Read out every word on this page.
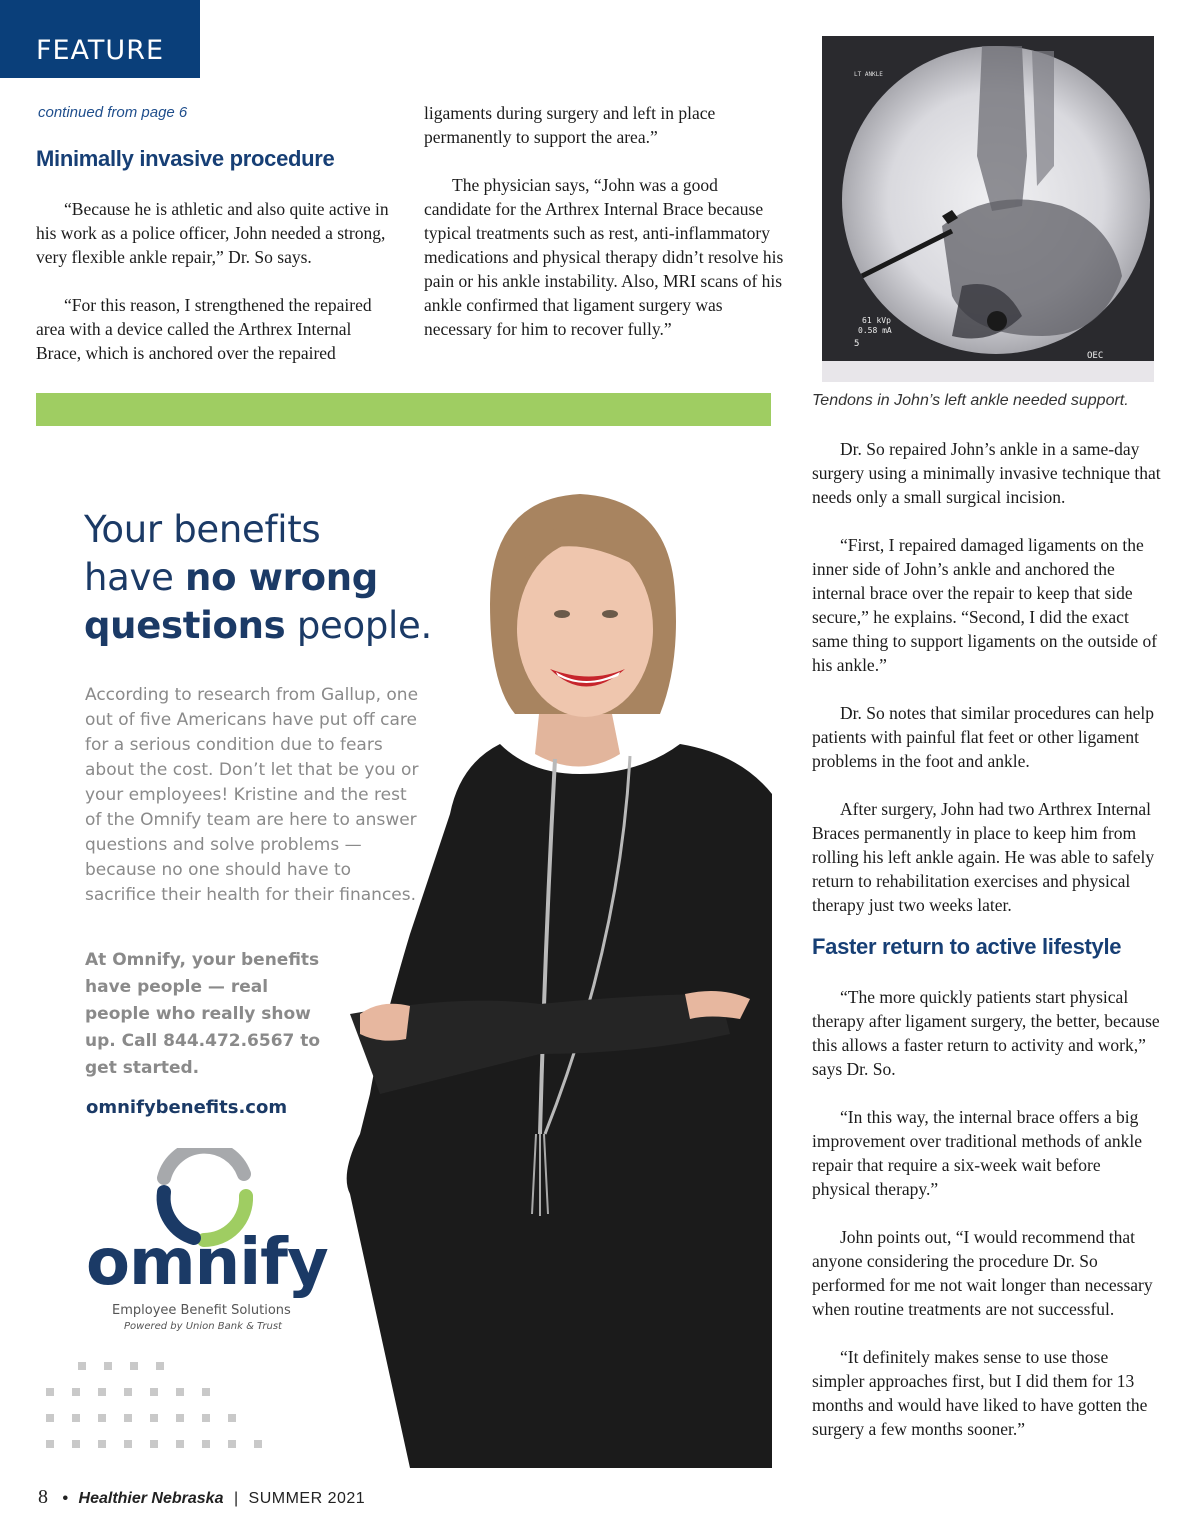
FEATURE
continued from page 6
Minimally invasive procedure

“Because he is athletic and also quite active in his work as a police officer, John needed a strong, very flexible ankle repair,” Dr. So says.

“For this reason, I strengthened the repaired area with a device called the Arthrex Internal Brace, which is anchored over the repaired

ligaments during surgery and left in place permanently to support the area.”

The physician says, “John was a good candidate for the Arthrex Internal Brace because typical treatments such as rest, anti-inflammatory medications and physical therapy didn’t resolve his pain or his ankle instability. Also, MRI scans of his ankle confirmed that ligament surgery was necessary for him to recover fully.”

LT ANKLE
61 kVp
0.58 mA
5
OEC
Tendons in John’s left ankle needed support.

Dr. So repaired John’s ankle in a same-day surgery using a minimally invasive technique that needs only a small surgical incision.

“First, I repaired damaged ligaments on the inner side of John’s ankle and anchored the internal brace over the repair to keep that side secure,” he explains. “Second, I did the exact same thing to support ligaments on the outside of his ankle.”

Dr. So notes that similar procedures can help patients with painful flat feet or other ligament problems in the foot and ankle.

After surgery, John had two Arthrex Internal Braces permanently in place to keep him from rolling his left ankle again. He was able to safely return to rehabilitation exercises and physical therapy just two weeks later.

Faster return to active lifestyle

“The more quickly patients start physical therapy after ligament surgery, the better, because this allows a faster return to activity and work,” says Dr. So.

“In this way, the internal brace offers a big improvement over traditional methods of ankle repair that require a six-week wait before physical therapy.”

John points out, “I would recommend that anyone considering the procedure Dr. So performed for me not wait longer than necessary when routine treatments are not successful.

“It definitely makes sense to use those simpler approaches first, but I did them for 13 months and would have liked to have gotten the surgery a few months sooner.”

Your benefits
have no wrong
questions people.
According to research from Gallup, one out of five Americans have put off care for a serious condition due to fears about the cost. Don’t let that be you or your employees! Kristine and the rest of the Omnify team are here to answer questions and solve problems — because no one should have to sacrifice their health for their finances.
At Omnify, your benefits have people — real people who really show up. Call 844.472.6567 to get started.
omnifybenefits.com
omnify
Employee Benefit Solutions
Powered by Union Bank & Trust
8 • Healthier Nebraska | SUMMER 2021
